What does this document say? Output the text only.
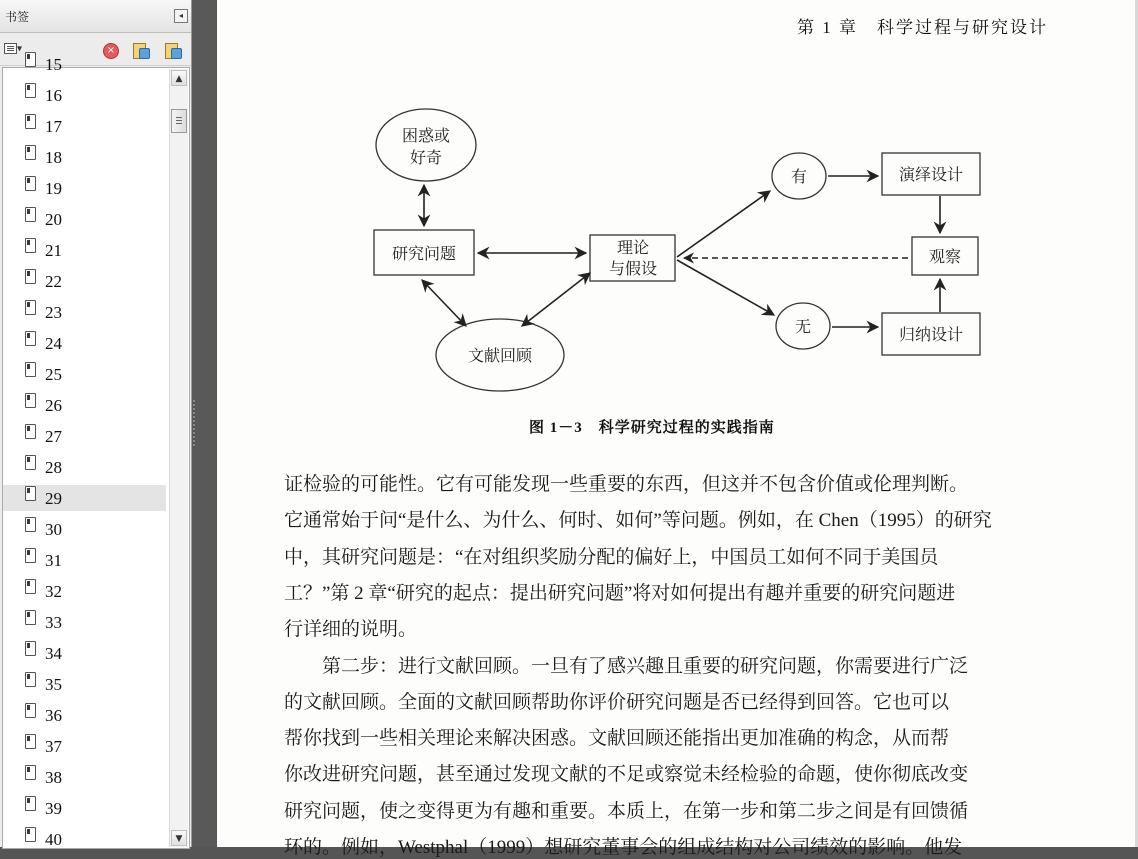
书签	◂
▾	×
15
16
17
18
19
20
21
22
23
24
25
26
27
28
29
30
31
32
33
34
35
36
37
38
39
40
▲
▼
第 1 章　科学过程与研究设计
困惑或
好奇
研究问题
文献回顾
理论
与假设
有
无
演绎设计
观察
归纳设计
图 1－3　科学研究过程的实践指南
证检验的可能性。它有可能发现一些重要的东西，但这并不包含价值或伦理判断。
它通常始于问“是什么、为什么、何时、如何”等问题。例如，在 Chen（1995）的研究
中，其研究问题是：“在对组织奖励分配的偏好上，中国员工如何不同于美国员
工？”第 2 章“研究的起点：提出研究问题”将对如何提出有趣并重要的研究问题进
行详细的说明。
　　第二步：进行文献回顾。一旦有了感兴趣且重要的研究问题，你需要进行广泛
的文献回顾。全面的文献回顾帮助你评价研究问题是否已经得到回答。它也可以
帮你找到一些相关理论来解决困惑。文献回顾还能指出更加准确的构念，从而帮
你改进研究问题，甚至通过发现文献的不足或察觉未经检验的命题，使你彻底改变
研究问题，使之变得更为有趣和重要。本质上，在第一步和第二步之间是有回馈循
环的。例如，Westphal（1999）想研究董事会的组成结构对公司绩效的影响。他发
